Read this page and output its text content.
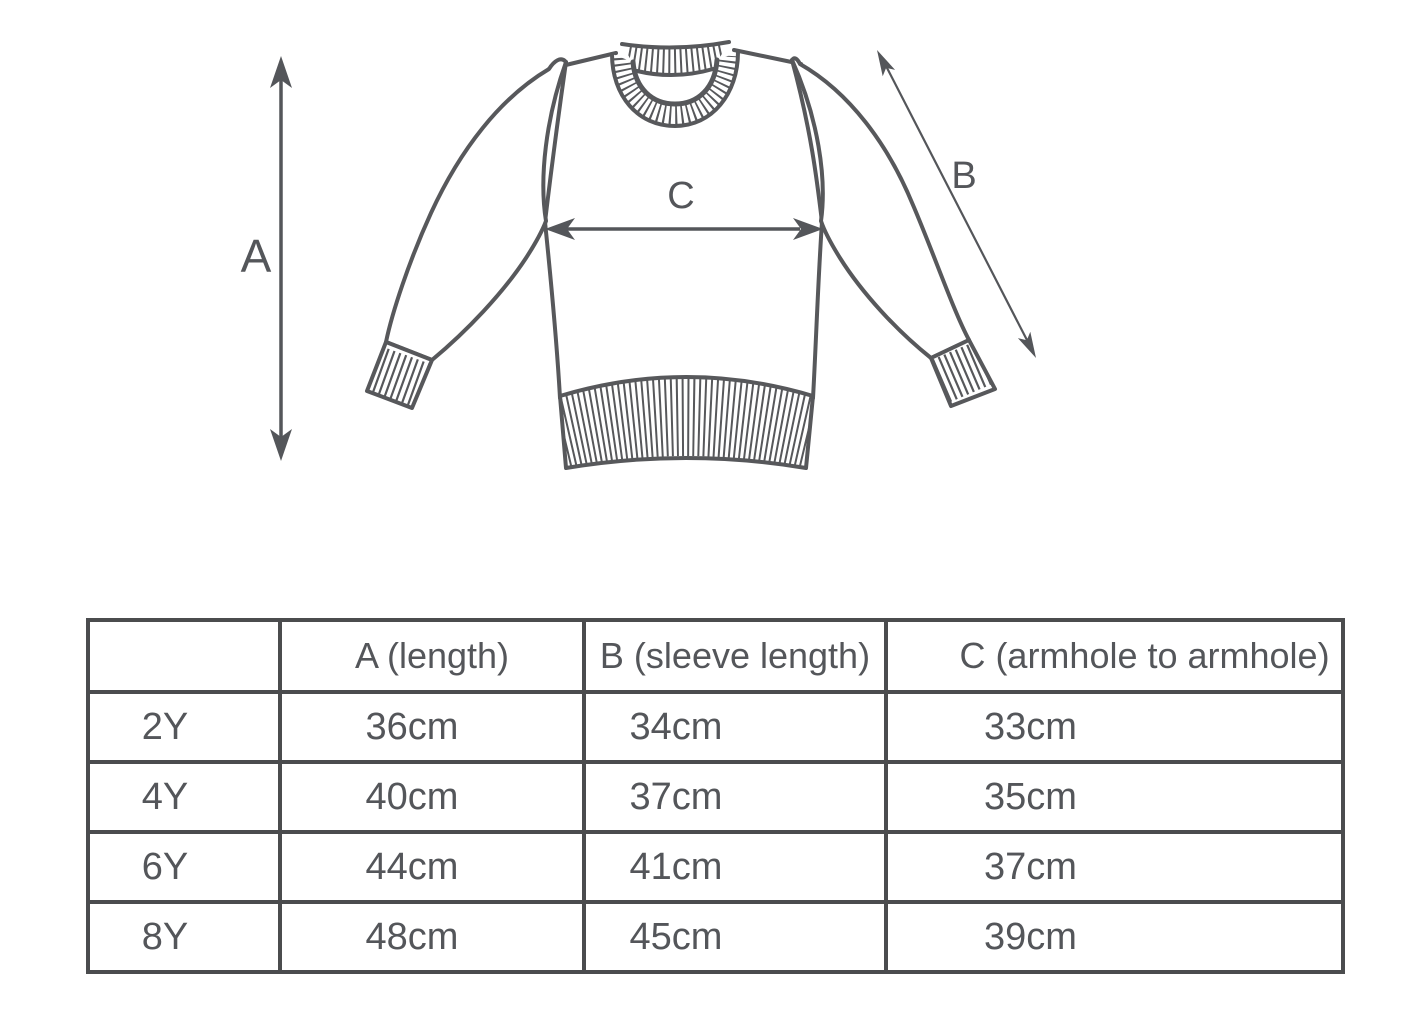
A
B
C
	A (length)	B (sleeve length)	C (armhole to armhole)
2Y	36cm	34cm	33cm
4Y	40cm	37cm	35cm
6Y	44cm	41cm	37cm
8Y	48cm	45cm	39cm
